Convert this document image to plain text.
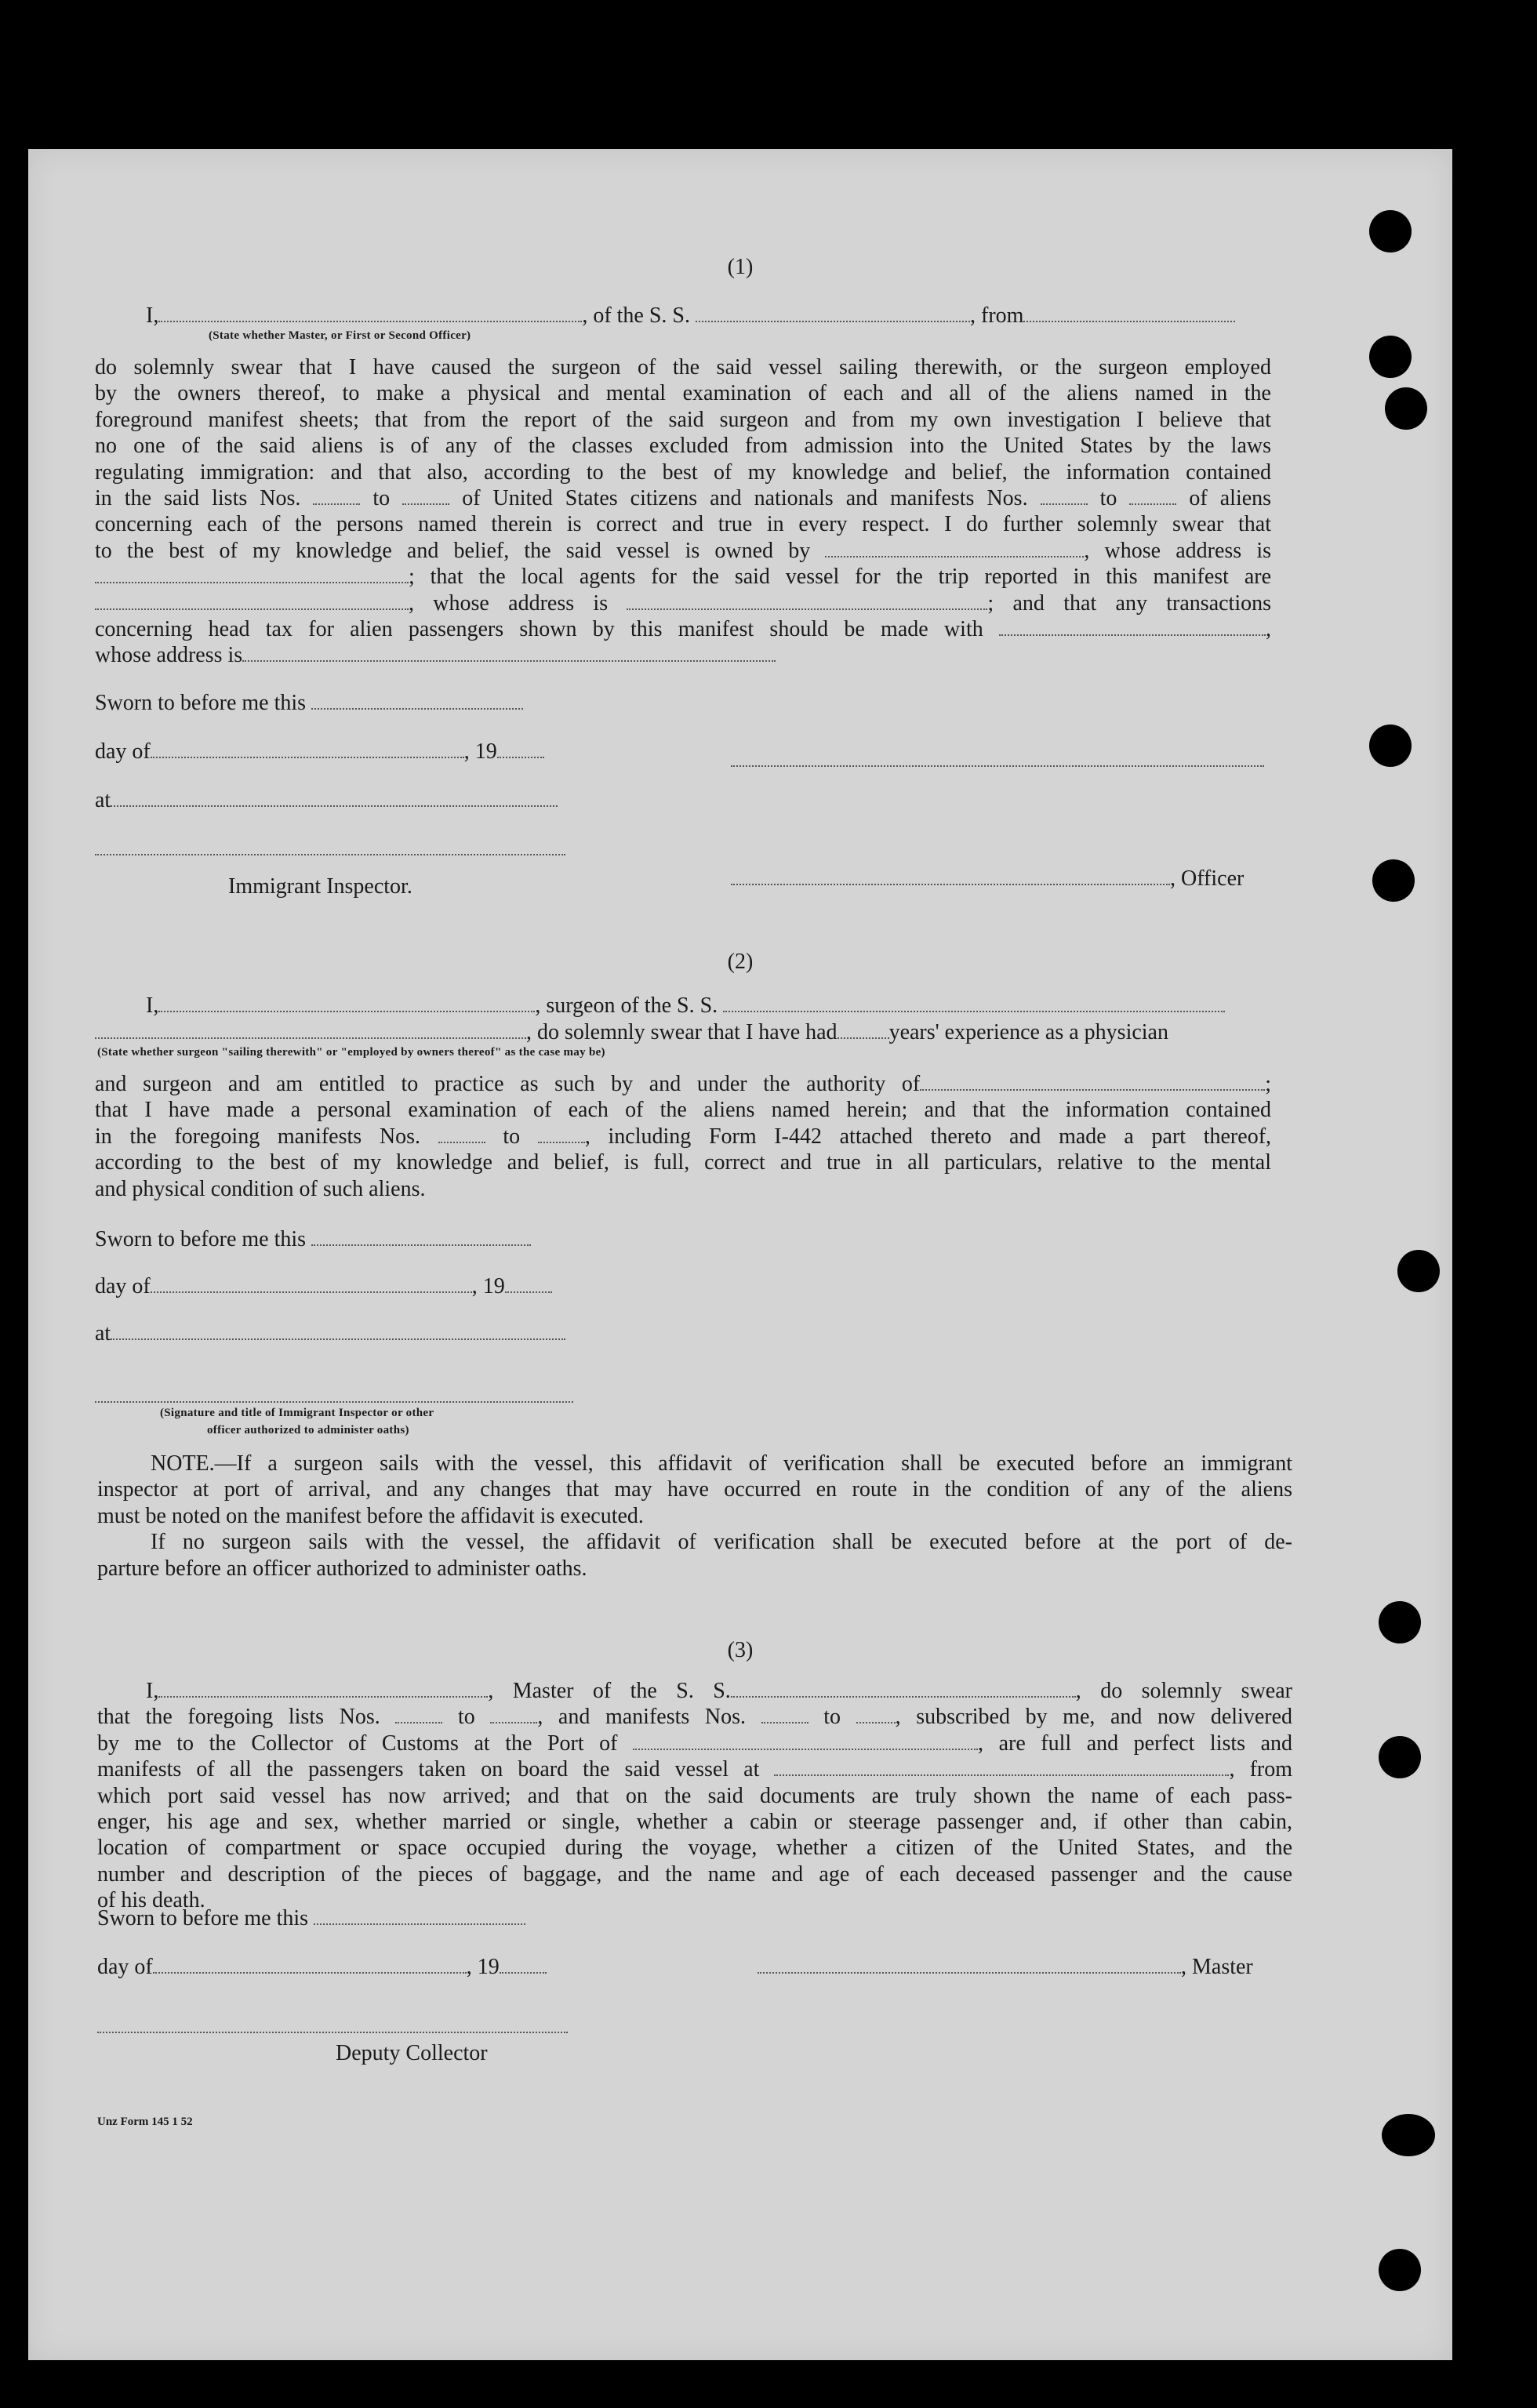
(1)
I,	, of the S. S.	, from
(State whether Master, or First or Second Officer)
do solemnly swear that I have caused the surgeon of the said vessel sailing therewith, or the surgeon employed
by the owners thereof, to make a physical and mental examination of each and all of the aliens named in the
foreground manifest sheets; that from the report of the said surgeon and from my own investigation I believe that
no one of the said aliens is of any of the classes excluded from admission into the United States by the laws
regulating immigration: and that also, according to the best of my knowledge and belief, the information contained
in the said lists Nos.	to	of United States citizens and nationals and manifests Nos.	to	of aliens
concerning each of the persons named therein is correct and true in every respect. I do further solemnly swear that
to the best of my knowledge and belief, the said vessel is owned by	, whose address is
; that the local agents for the said vessel for the trip reported in this manifest are
, whose address is	; and that any transactions
concerning head tax for alien passengers shown by this manifest should be made with	,
whose address is
Sworn to before me this
day of	, 19
at
Immigrant Inspector.	, Officer
(2)
I,	, surgeon of the S. S.
, do solemnly swear that I have had years' experience as a physician
(State whether surgeon "sailing therewith" or "employed by owners thereof" as the case may be)
and surgeon and am entitled to practice as such by and under the authority of	;
that I have made a personal examination of each of the aliens named herein; and that the information contained
in the foregoing manifests Nos.	to	, including Form I-442 attached thereto and made a part thereof,
according to the best of my knowledge and belief, is full, correct and true in all particulars, relative to the mental
and physical condition of such aliens.
Sworn to before me this
day of	, 19
at
(Signature and title of Immigrant Inspector or other
officer authorized to administer oaths)
NOTE.—If a surgeon sails with the vessel, this affidavit of verification shall be executed before an immigrant
inspector at port of arrival, and any changes that may have occurred en route in the condition of any of the aliens
must be noted on the manifest before the affidavit is executed.
If no surgeon sails with the vessel, the affidavit of verification shall be executed before at the port of de-
parture before an officer authorized to administer oaths.
(3)
I,	, Master of the S. S.	, do solemnly swear
that the foregoing lists Nos.	to	, and manifests Nos.	to , subscribed by me, and now delivered
by me to the Collector of Customs at the Port of	, are full and perfect lists and
manifests of all the passengers taken on board the said vessel at	, from
which port said vessel has now arrived; and that on the said documents are truly shown the name of each pass-
enger, his age and sex, whether married or single, whether a cabin or steerage passenger and, if other than cabin,
location of compartment or space occupied during the voyage, whether a citizen of the United States, and the
number and description of the pieces of baggage, and the name and age of each deceased passenger and the cause
of his death.
Sworn to before me this
day of	, 19	, Master
Deputy Collector
Unz Form 145 1 52
